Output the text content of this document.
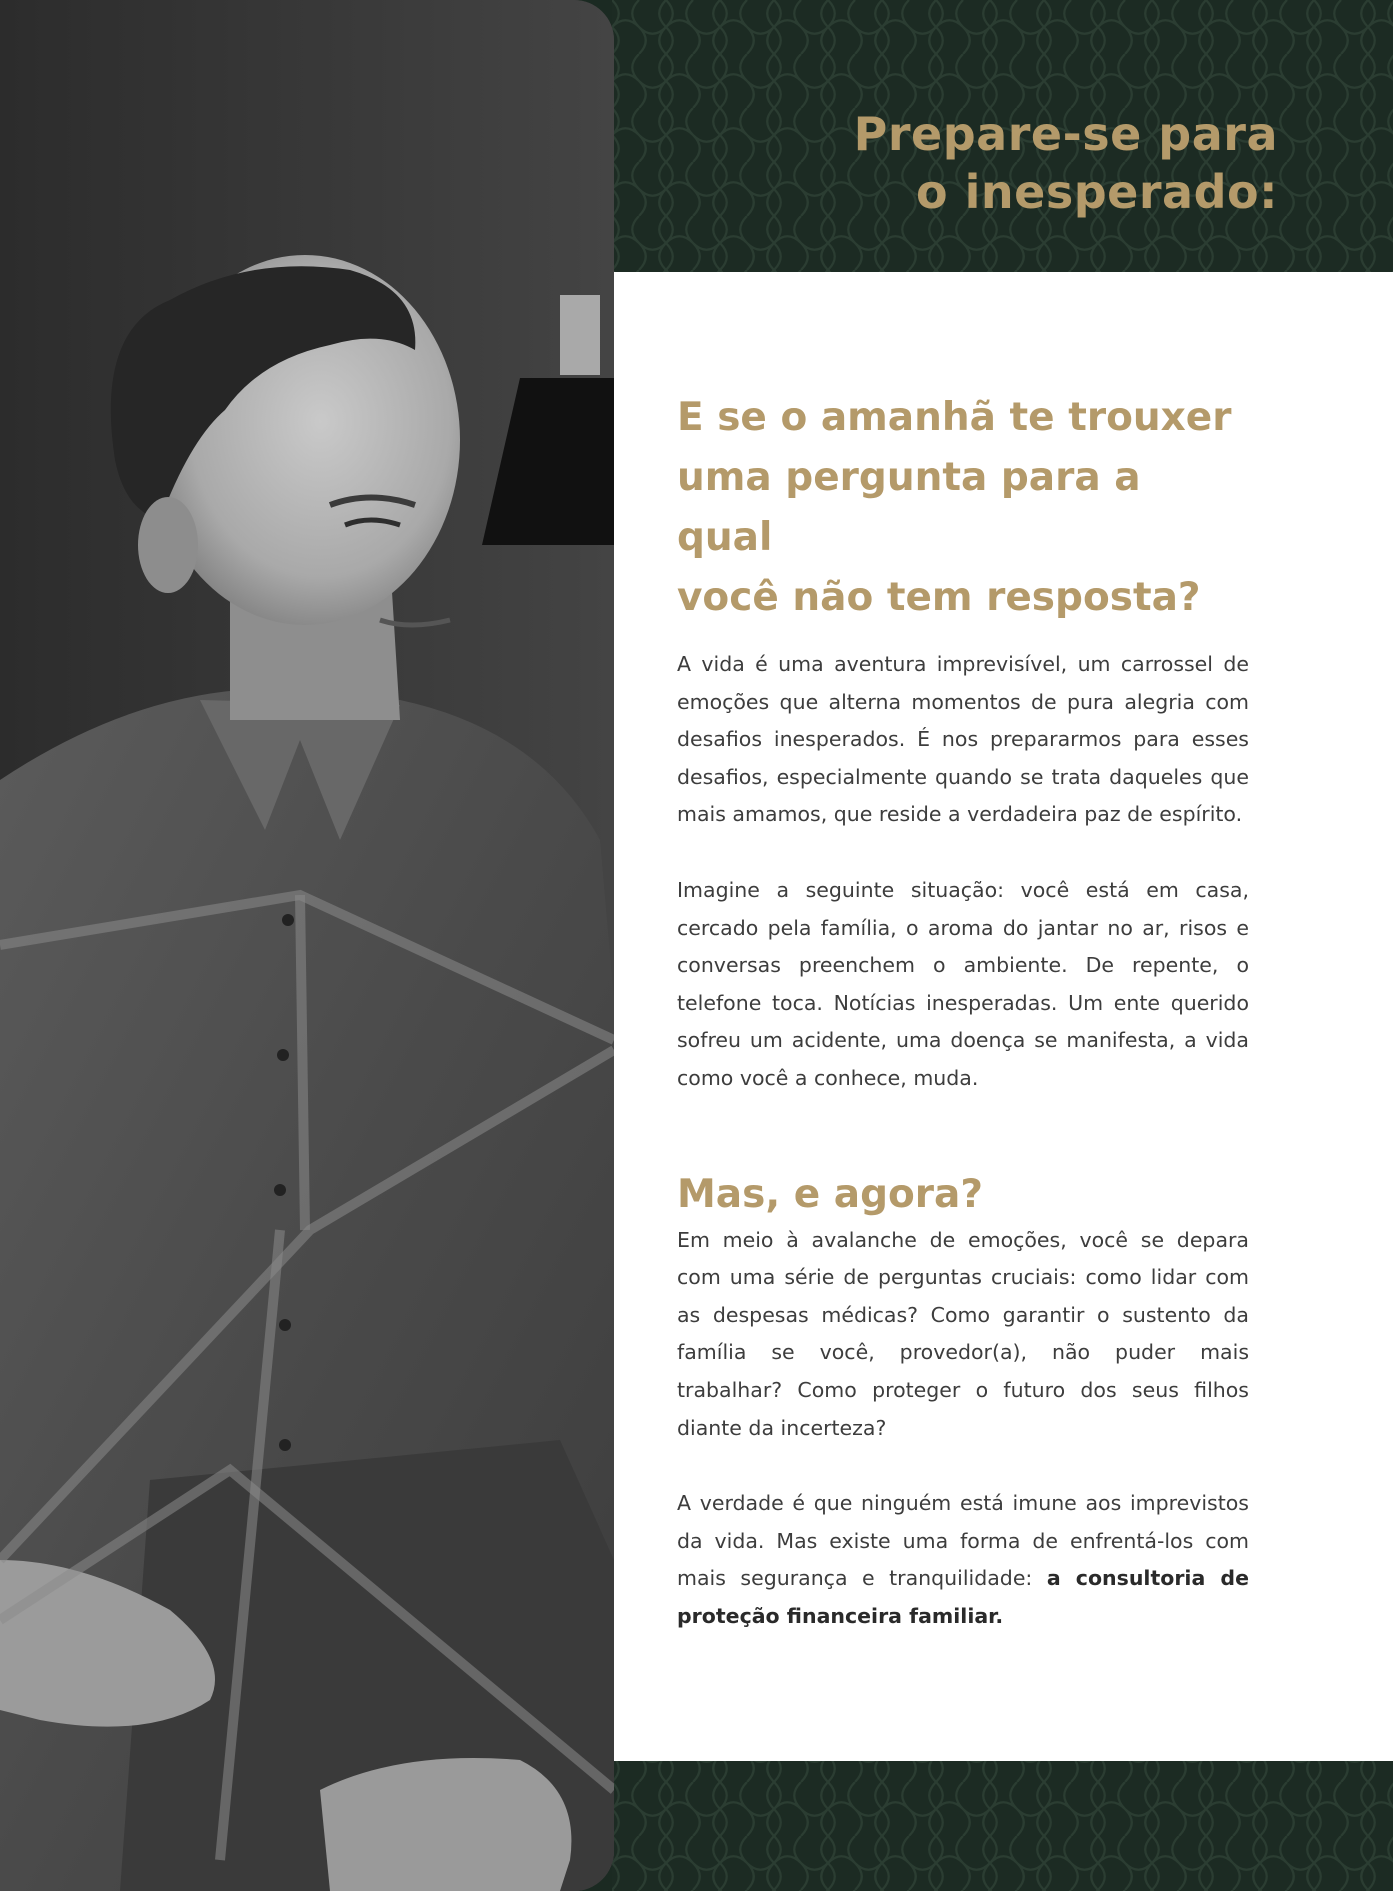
Prepare-se para
o inesperado:
E se o amanhã te trouxer
uma pergunta para a qual
você não tem resposta?

A vida é uma aventura imprevisível, um carrossel de emoções que alterna momentos de pura alegria com desafios inesperados. É nos prepararmos para esses desafios, especialmente quando se trata daqueles que mais amamos, que reside a verdadeira paz de espírito.

Imagine a seguinte situação: você está em casa, cercado pela família, o aroma do jantar no ar, risos e conversas preenchem o ambiente. De repente, o telefone toca. Notícias inesperadas. Um ente querido sofreu um acidente, uma doença se manifesta, a vida como você a conhece, muda.

Mas, e agora?

Em meio à avalanche de emoções, você se depara com uma série de perguntas cruciais: como lidar com as despesas médicas? Como garantir o sustento da família se você, provedor(a), não puder mais trabalhar? Como proteger o futuro dos seus filhos diante da incerteza?

A verdade é que ninguém está imune aos imprevistos da vida. Mas existe uma forma de enfrentá-los com mais segurança e tranquilidade: a consultoria de proteção financeira familiar.
